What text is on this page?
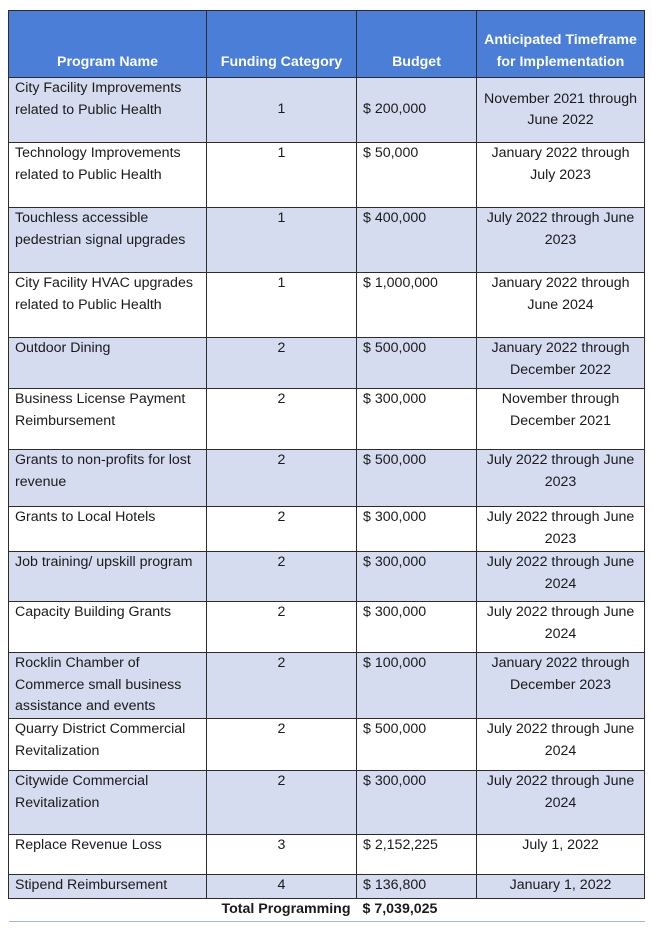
Program Name	Funding Category	Budget	Anticipated Timeframe for Implementation
City Facility Improvements related to Public Health	1	$ 200,000	November 2021 through June 2022
Technology Improvements related to Public Health	1	$ 50,000	January 2022 through July 2023
Touchless accessible pedestrian signal upgrades	1	$ 400,000	July 2022 through June 2023
City Facility HVAC upgrades related to Public Health	1	$ 1,000,000	January 2022 through June 2024
Outdoor Dining	2	$ 500,000	January 2022 through December 2022
Business License Payment Reimbursement	2	$ 300,000	November through December 2021
Grants to non-profits for lost revenue	2	$ 500,000	July 2022 through June 2023
Grants to Local Hotels	2	$ 300,000	July 2022 through June 2023
Job training/ upskill program	2	$ 300,000	July 2022 through June 2024
Capacity Building Grants	2	$ 300,000	July 2022 through June 2024
Rocklin Chamber of Commerce small business assistance and events	2	$ 100,000	January 2022 through December 2023
Quarry District Commercial Revitalization	2	$ 500,000	July 2022 through June 2024
Citywide Commercial Revitalization	2	$ 300,000	July 2022 through June 2024
Replace Revenue Loss	3	$ 2,152,225	July 1, 2022
Stipend Reimbursement	4	$ 136,800	January 1, 2022
	Total Programming	$ 7,039,025	
